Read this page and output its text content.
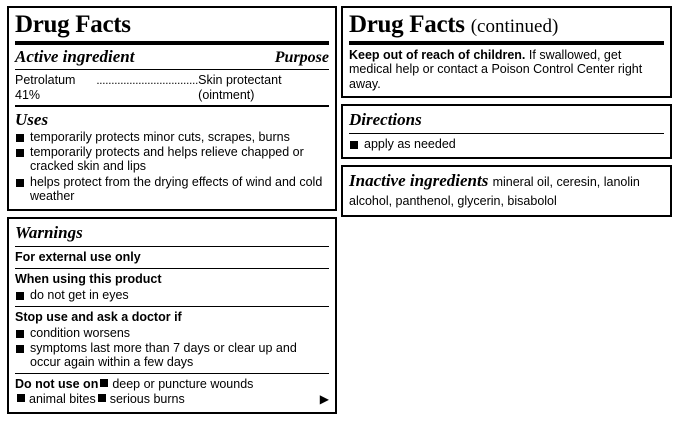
Drug Facts
Active ingredient	Purpose
Petrolatum 41%
.................................. Skin protectant (ointment)
Uses
temporarily protects minor cuts, scrapes, burns
temporarily protects and helps relieve chapped or cracked skin and lips
helps protect from the drying effects of wind and cold weather
Warnings
For external use only
When using this product
do not get in eyes
Stop use and ask a doctor if
condition worsens
symptoms last more than 7 days or clear up and occur again within a few days
Do not use on deep or puncture wounds

▶
animal bites serious burns
Drug Facts (continued)
Keep out of reach of children. If swallowed, get medical help or contact a Poison Control Center right away.
Directions
apply as needed
Inactive ingredients mineral oil, ceresin, lanolin alcohol, panthenol, glycerin, bisabolol
